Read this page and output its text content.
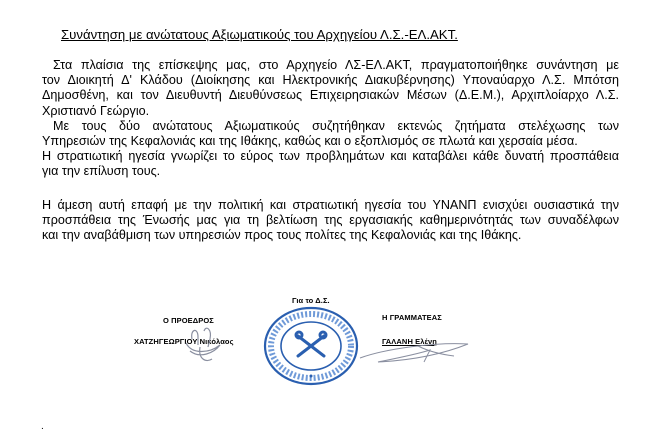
Συνάντηση με ανώτατους Αξιωματικούς του Αρχηγείου Λ.Σ.-ΕΛ.ΑΚΤ.
Στα πλαίσια της επίσκεψης μας, στο Αρχηγείο ΛΣ-ΕΛ.ΑΚΤ, πραγματοποιήθηκε συνάντηση με
τον Διοικητή Δ' Κλάδου (Διοίκησης και Ηλεκτρονικής Διακυβέρνησης) Υποναύαρχο Λ.Σ. Μπότση
Δημοσθένη, και τον Διευθυντή Διευθύνσεως Επιχειρησιακών Μέσων (Δ.Ε.Μ.), Αρχιπλοίαρχο Λ.Σ.
Χριστιανό Γεώργιο.
Με τους δύο ανώτατους Αξιωματικούς συζητήθηκαν εκτενώς ζητήματα στελέχωσης των
Υπηρεσιών της Κεφαλονιάς και της Ιθάκης, καθώς και ο εξοπλισμός σε πλωτά και χερσαία μέσα.
Η στρατιωτική ηγεσία γνωρίζει το εύρος των προβλημάτων και καταβάλει κάθε δυνατή προσπάθεια
για την επίλυση τους.
Η άμεση αυτή επαφή με την πολιτική και στρατιωτική ηγεσία του ΥΝΑΝΠ ενισχύει ουσιαστικά την
προσπάθεια της Ένωσής μας για τη βελτίωση της εργασιακής καθημερινότητάς των συναδέλφων
και την αναβάθμιση των υπηρεσιών προς τους πολίτες της Κεφαλονιάς και της Ιθάκης.
Για το Δ.Σ.
Ο ΠΡΟΕΔΡΟΣ
ΧΑΤΖΗΓΕΩΡΓΙΟΥ Νικόλαος
Η ΓΡΑΜΜΑΤΕΑΣ
ΓΑΛΑΝΗ Ελένη
.
